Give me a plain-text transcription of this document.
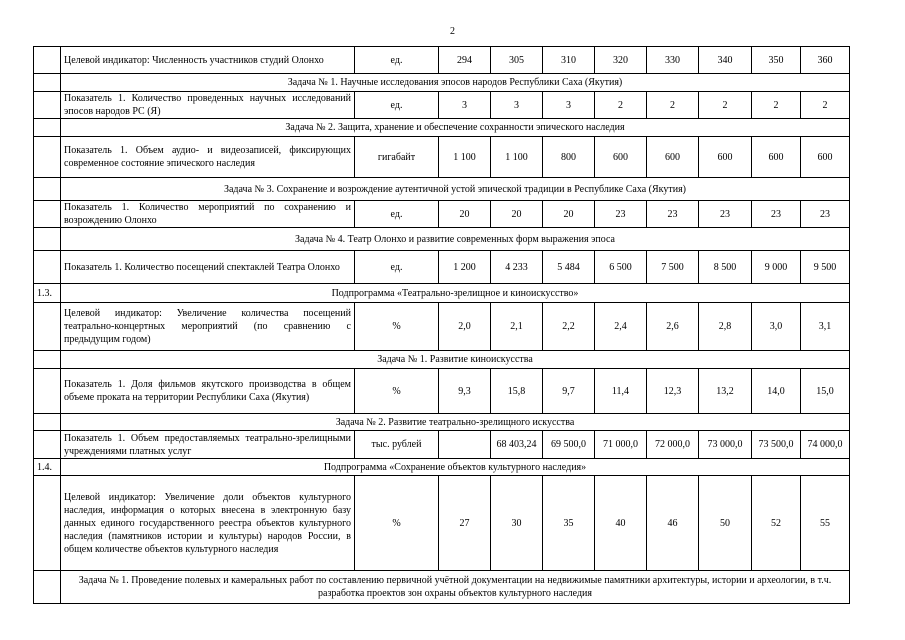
2
	Целевой индикатор: Численность участников студий Олонхо	ед.	294	305	310	320	330	340	350	360
	Задача № 1. Научные исследования эпосов народов Республики Саха (Якутия)									
	Показатель 1. Количество проведенных научных исследований эпосов народов РС (Я)	ед.	3	3	3	2	2	2	2	2
	Задача № 2. Защита, хранение и обеспечение сохранности эпического наследия									
	Показатель 1. Объем аудио- и видеозаписей, фиксирующих современное состояние эпического наследия	гигабайт	1 100	1 100	800	600	600	600	600	600
	Задача № 3. Сохранение и возрождение аутентичной устой эпической традиции в Республике Саха (Якутия)									
	Показатель 1. Количество мероприятий по сохранению и возрождению Олонхо	ед.	20	20	20	23	23	23	23	23
	Задача № 4. Театр Олонхо и развитие современных форм выражения эпоса									
	Показатель 1. Количество посещений спектаклей Театра Олонхо	ед.	1 200	4 233	5 484	6 500	7 500	8 500	9 000	9 500
1.3.	Подпрограмма «Театрально-зрелищное и киноискусство»									
	Целевой индикатор: Увеличение количества посещений театрально-концертных мероприятий (по сравнению с предыдущим годом)	%	2,0	2,1	2,2	2,4	2,6	2,8	3,0	3,1
	Задача № 1. Развитие киноискусства									
	Показатель 1. Доля фильмов якутского производства в общем объеме проката на территории Республики Саха (Якутия)	%	9,3	15,8	9,7	11,4	12,3	13,2	14,0	15,0
	Задача № 2. Развитие театрально-зрелищного искусства									
	Показатель 1. Объем предоставляемых театрально-зрелищными учреждениями платных услуг	тыс. рублей		68 403,24	69 500,0	71 000,0	72 000,0	73 000,0	73 500,0	74 000,0
1.4.	Подпрограмма «Сохранение объектов культурного наследия»									
	Целевой индикатор: Увеличение доли объектов культурного наследия, информация о которых внесена в электронную базу данных единого государственного реестра объектов культурного наследия (памятников истории и культуры) народов России, в общем количестве объектов культурного наследия	%	27	30	35	40	46	50	52	55
	Задача № 1. Проведение полевых и камеральных работ по составлению первичной учётной документации на недвижимые памятники архитектуры, истории и археологии, в т.ч. разработка проектов зон охраны объектов культурного наследия									
